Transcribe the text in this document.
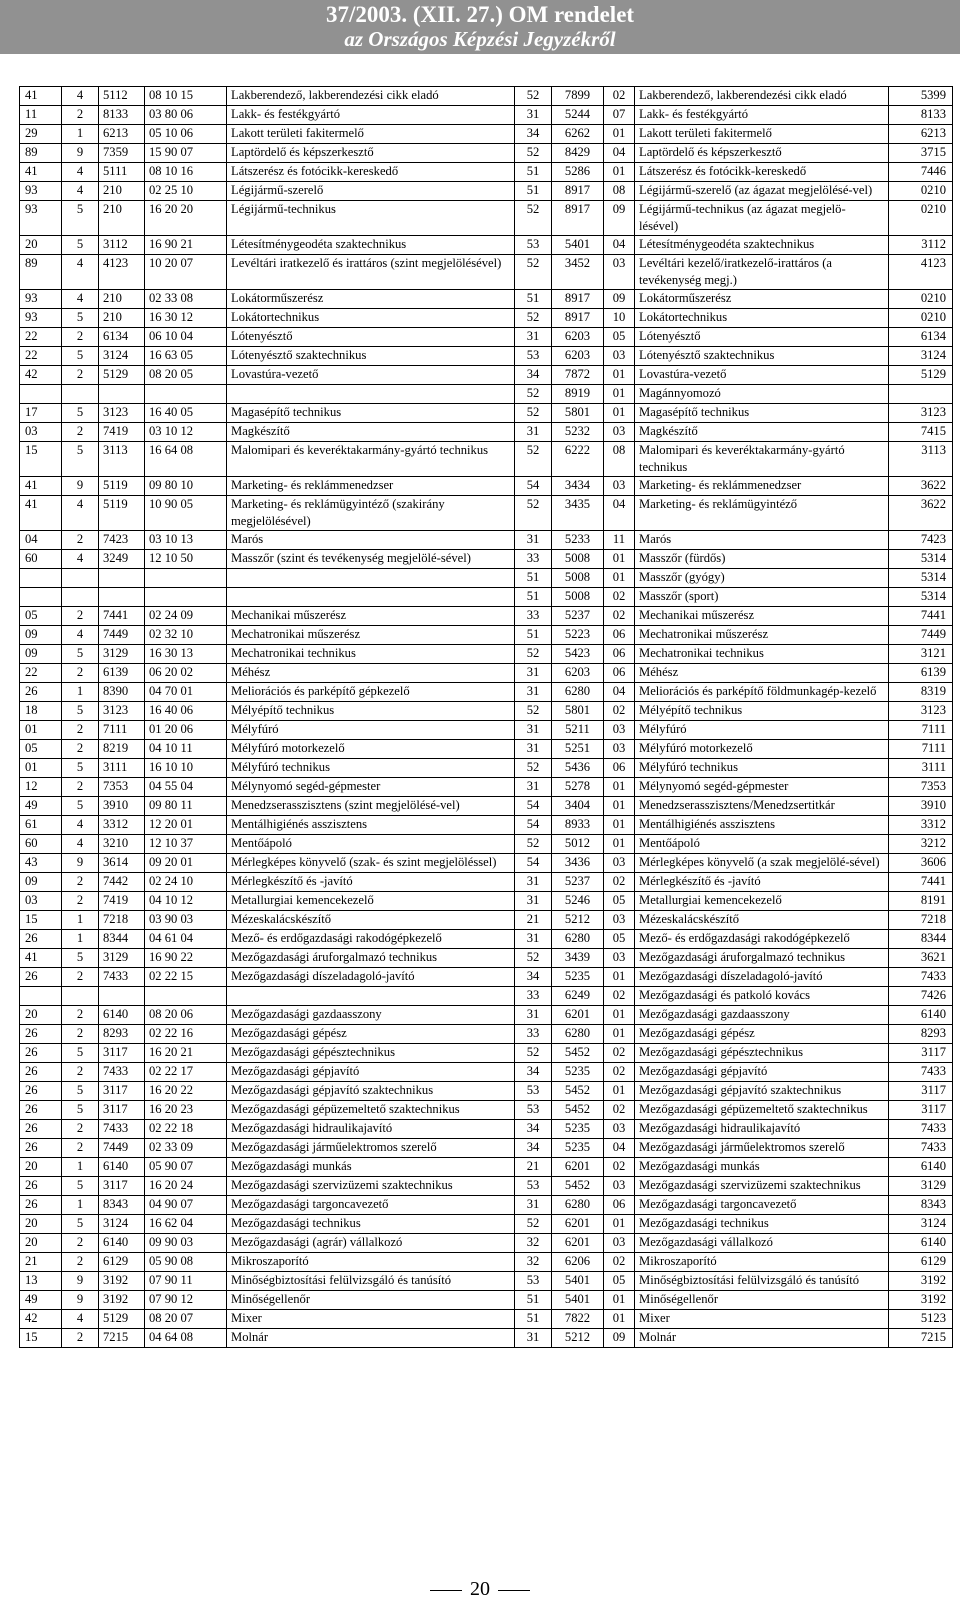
37/2003. (XII. 27.) OM rendelet
az Országos Képzési Jegyzékről
41	4	5112	08 10 15	Lakberendező, lakberendezési cikk eladó	52	7899	02	Lakberendező, lakberendezési cikk eladó	5399
11	2	8133	03 80 06	Lakk- és festékgyártó	31	5244	07	Lakk- és festékgyártó	8133
29	1	6213	05 10 06	Lakott területi fakitermelő	34	6262	01	Lakott területi fakitermelő	6213
89	9	7359	15 90 07	Laptördelő és képszerkesztő	52	8429	04	Laptördelő és képszerkesztő	3715
41	4	5111	08 10 16	Látszerész és fotócikk-kereskedő	51	5286	01	Látszerész és fotócikk-kereskedő	7446
93	4	210	02 25 10	Légijármű-szerelő	51	8917	08	Légijármű-szerelő (az ágazat megjelölésé-vel)	0210
93	5	210	16 20 20	Légijármű-technikus	52	8917	09	Légijármű-technikus (az ágazat megjelö-lésével)	0210
20	5	3112	16 90 21	Létesítménygeodéta szaktechnikus	53	5401	04	Létesítménygeodéta szaktechnikus	3112
89	4	4123	10 20 07	Levéltári iratkezelő és irattáros (szint megjelölésével)	52	3452	03	Levéltári kezelő/iratkezelő-irattáros (a tevékenység megj.)	4123
93	4	210	02 33 08	Lokátorműszerész	51	8917	09	Lokátorműszerész	0210
93	5	210	16 30 12	Lokátortechnikus	52	8917	10	Lokátortechnikus	0210
22	2	6134	06 10 04	Lótenyésztő	31	6203	05	Lótenyésztő	6134
22	5	3124	16 63 05	Lótenyésztő szaktechnikus	53	6203	03	Lótenyésztő szaktechnikus	3124
42	2	5129	08 20 05	Lovastúra-vezető	34	7872	01	Lovastúra-vezető	5129
					52	8919	01	Magánnyomozó	
17	5	3123	16 40 05	Magasépítő technikus	52	5801	01	Magasépítő technikus	3123
03	2	7419	03 10 12	Magkészítő	31	5232	03	Magkészítő	7415
15	5	3113	16 64 08	Malomipari és keveréktakarmány-gyártó technikus	52	6222	08	Malomipari és keveréktakarmány-gyártó technikus	3113
41	9	5119	09 80 10	Marketing- és reklámmenedzser	54	3434	03	Marketing- és reklámmenedzser	3622
41	4	5119	10 90 05	Marketing- és reklámügyintéző (szakirány megjelölésével)	52	3435	04	Marketing- és reklámügyintéző	3622
04	2	7423	03 10 13	Marós	31	5233	11	Marós	7423
60	4	3249	12 10 50	Masszőr (szint és tevékenység megjelölé-sével)	33	5008	01	Masszőr (fürdős)	5314
					51	5008	01	Masszőr (gyógy)	5314
					51	5008	02	Masszőr (sport)	5314
05	2	7441	02 24 09	Mechanikai műszerész	33	5237	02	Mechanikai műszerész	7441
09	4	7449	02 32 10	Mechatronikai műszerész	51	5223	06	Mechatronikai műszerész	7449
09	5	3129	16 30 13	Mechatronikai technikus	52	5423	06	Mechatronikai technikus	3121
22	2	6139	06 20 02	Méhész	31	6203	06	Méhész	6139
26	1	8390	04 70 01	Meliorációs és parképítő gépkezelő	31	6280	04	Meliorációs és parképítő földmunkagép-kezelő	8319
18	5	3123	16 40 06	Mélyépítő technikus	52	5801	02	Mélyépítő technikus	3123
01	2	7111	01 20 06	Mélyfúró	31	5211	03	Mélyfúró	7111
05	2	8219	04 10 11	Mélyfúró motorkezelő	31	5251	03	Mélyfúró motorkezelő	7111
01	5	3111	16 10 10	Mélyfúró technikus	52	5436	06	Mélyfúró technikus	3111
12	2	7353	04 55 04	Mélynyomó segéd-gépmester	31	5278	01	Mélynyomó segéd-gépmester	7353
49	5	3910	09 80 11	Menedzserasszisztens (szint megjelölésé-vel)	54	3404	01	Menedzserasszisztens/Menedzsertitkár	3910
61	4	3312	12 20 01	Mentálhigiénés asszisztens	54	8933	01	Mentálhigiénés asszisztens	3312
60	4	3210	12 10 37	Mentőápoló	52	5012	01	Mentőápoló	3212
43	9	3614	09 20 01	Mérlegképes könyvelő (szak- és szint megjelöléssel)	54	3436	03	Mérlegképes könyvelő (a szak megjelölé-sével)	3606
09	2	7442	02 24 10	Mérlegkészítő és -javító	31	5237	02	Mérlegkészítő és -javító	7441
03	2	7419	04 10 12	Metallurgiai kemencekezelő	31	5246	05	Metallurgiai kemencekezelő	8191
15	1	7218	03 90 03	Mézeskalácskészítő	21	5212	03	Mézeskalácskészítő	7218
26	1	8344	04 61 04	Mező- és erdőgazdasági rakodógépkezelő	31	6280	05	Mező- és erdőgazdasági rakodógépkezelő	8344
41	5	3129	16 90 22	Mezőgazdasági áruforgalmazó technikus	52	3439	03	Mezőgazdasági áruforgalmazó technikus	3621
26	2	7433	02 22 15	Mezőgazdasági díszeladagoló-javító	34	5235	01	Mezőgazdasági díszeladagoló-javító	7433
					33	6249	02	Mezőgazdasági és patkoló kovács	7426
20	2	6140	08 20 06	Mezőgazdasági gazdaasszony	31	6201	01	Mezőgazdasági gazdaasszony	6140
26	2	8293	02 22 16	Mezőgazdasági gépész	33	6280	01	Mezőgazdasági gépész	8293
26	5	3117	16 20 21	Mezőgazdasági gépésztechnikus	52	5452	02	Mezőgazdasági gépésztechnikus	3117
26	2	7433	02 22 17	Mezőgazdasági gépjavító	34	5235	02	Mezőgazdasági gépjavító	7433
26	5	3117	16 20 22	Mezőgazdasági gépjavító szaktechnikus	53	5452	01	Mezőgazdasági gépjavító szaktechnikus	3117
26	5	3117	16 20 23	Mezőgazdasági gépüzemeltető szaktechnikus	53	5452	02	Mezőgazdasági gépüzemeltető szaktechnikus	3117
26	2	7433	02 22 18	Mezőgazdasági hidraulikajavító	34	5235	03	Mezőgazdasági hidraulikajavító	7433
26	2	7449	02 33 09	Mezőgazdasági járműelektromos szerelő	34	5235	04	Mezőgazdasági járműelektromos szerelő	7433
20	1	6140	05 90 07	Mezőgazdasági munkás	21	6201	02	Mezőgazdasági munkás	6140
26	5	3117	16 20 24	Mezőgazdasági szervizüzemi szaktechnikus	53	5452	03	Mezőgazdasági szervizüzemi szaktechnikus	3129
26	1	8343	04 90 07	Mezőgazdasági targoncavezető	31	6280	06	Mezőgazdasági targoncavezető	8343
20	5	3124	16 62 04	Mezőgazdasági technikus	52	6201	01	Mezőgazdasági technikus	3124
20	2	6140	09 90 03	Mezőgazdasági (agrár) vállalkozó	32	6201	03	Mezőgazdasági vállalkozó	6140
21	2	6129	05 90 08	Mikroszaporító	32	6206	02	Mikroszaporító	6129
13	9	3192	07 90 11	Minőségbiztosítási felülvizsgáló és tanúsító	53	5401	05	Minőségbiztosítási felülvizsgáló és tanúsító	3192
49	9	3192	07 90 12	Minőségellenőr	51	5401	01	Minőségellenőr	3192
42	4	5129	08 20 07	Mixer	51	7822	01	Mixer	5123
15	2	7215	04 64 08	Molnár	31	5212	09	Molnár	7215
20
